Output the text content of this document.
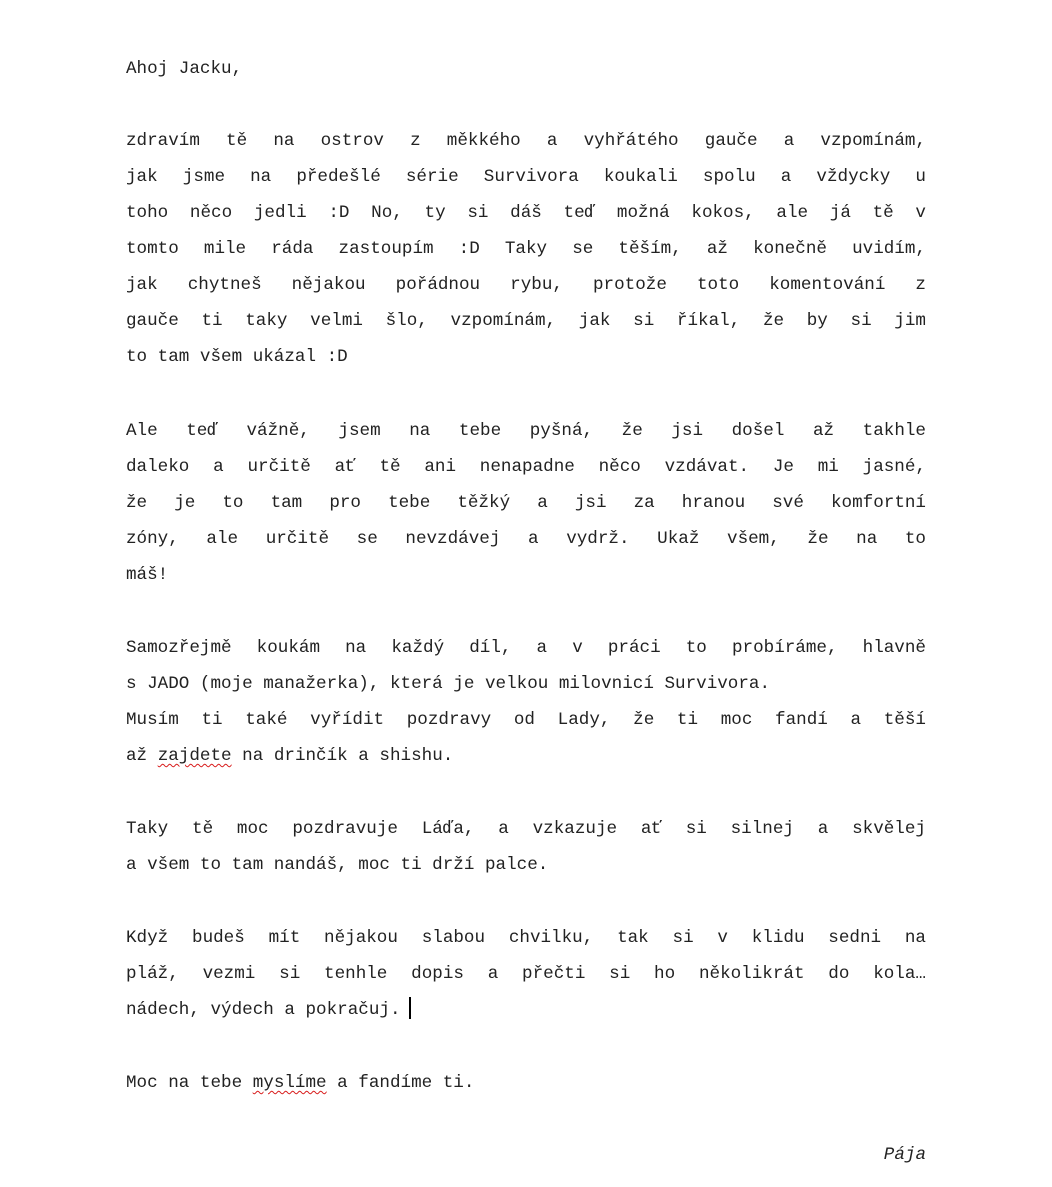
Ahoj Jacku,
zdravím tě na ostrov z měkkého a vyhřátého gauče a vzpomínám,
jak jsme na předešlé série Survivora koukali spolu a vždycky u
toho něco jedli :D No, ty si dáš teď možná kokos, ale já tě v
tomto mile ráda zastoupím :D Taky se těším, až konečně uvidím,
jak chytneš nějakou pořádnou rybu, protože toto komentování z
gauče ti taky velmi šlo, vzpomínám, jak si říkal, že by si jim
to tam všem ukázal :D
Ale teď vážně, jsem na tebe pyšná, že jsi došel až takhle
daleko a určitě ať tě ani nenapadne něco vzdávat. Je mi jasné,
že je to tam pro tebe těžký a jsi za hranou své komfortní
zóny, ale určitě se nevzdávej a vydrž. Ukaž všem, že na to
máš!
Samozřejmě koukám na každý díl, a v práci to probíráme, hlavně
s JADO (moje manažerka), která je velkou milovnicí Survivora.
Musím ti také vyřídit pozdravy od Lady, že ti moc fandí a těší
až zajdete na drinčík a shishu.
Taky tě moc pozdravuje Láďa, a vzkazuje ať si silnej a skvělej
a všem to tam nandáš, moc ti drží palce.
Když budeš mít nějakou slabou chvilku, tak si v klidu sedni na
pláž, vezmi si tenhle dopis a přečti si ho několikrát do kola…
nádech, výdech a pokračuj.
Moc na tebe myslíme a fandíme ti.
Pája
